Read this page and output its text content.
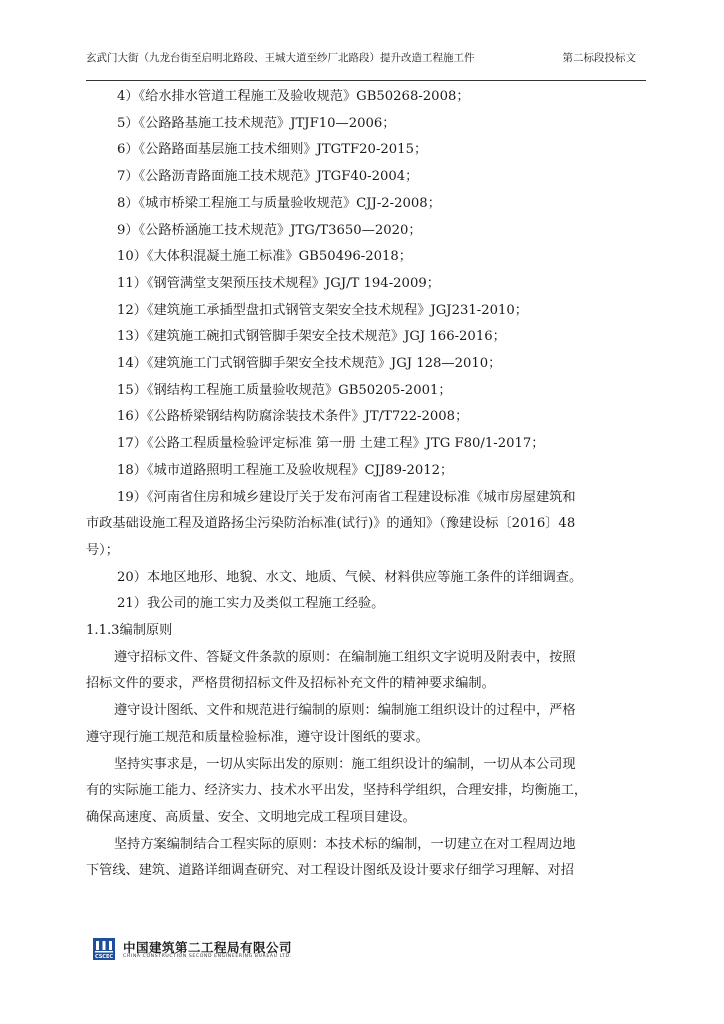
玄武门大街（九龙台街至启明北路段、王城大道至纱厂北路段）提升改造工程施工件	第二标段投标文
4）《给水排水管道工程施工及验收规范》GB50268-2008；
5）《公路路基施工技术规范》JTJF10—2006；
6）《公路路面基层施工技术细则》JTGTF20-2015；
7）《公路沥青路面施工技术规范》JTGF40-2004；
8）《城市桥梁工程施工与质量验收规范》CJJ-2-2008；
9）《公路桥涵施工技术规范》JTG/T3650—2020；
10）《大体积混凝土施工标准》GB50496-2018；
11）《钢管满堂支架预压技术规程》JGJ/T 194-2009；
12）《建筑施工承插型盘扣式钢管支架安全技术规程》JGJ231-2010；
13）《建筑施工碗扣式钢管脚手架安全技术规范》JGJ 166-2016；
14）《建筑施工门式钢管脚手架安全技术规范》JGJ 128—2010；
15）《钢结构工程施工质量验收规范》GB50205-2001；
16）《公路桥梁钢结构防腐涂装技术条件》JT/T722-2008；
17）《公路工程质量检验评定标准 第一册 土建工程》JTG F80/1-2017；
18）《城市道路照明工程施工及验收规程》CJJ89-2012；
19）《河南省住房和城乡建设厅关于发布河南省工程建设标准《城市房屋建筑和
市政基础设施工程及道路扬尘污染防治标准(试行)》的通知》（豫建设标〔2016〕48
号）；
20）本地区地形、地貌、水文、地质、气候、材料供应等施工条件的详细调查。
21）我公司的施工实力及类似工程施工经验。
1.1.3编制原则
遵守招标文件、答疑文件条款的原则：在编制施工组织文字说明及附表中，按照
招标文件的要求，严格贯彻招标文件及招标补充文件的精神要求编制。
遵守设计图纸、文件和规范进行编制的原则：编制施工组织设计的过程中，严格
遵守现行施工规范和质量检验标准，遵守设计图纸的要求。
坚持实事求是，一切从实际出发的原则：施工组织设计的编制，一切从本公司现
有的实际施工能力、经济实力、技术水平出发，坚持科学组织，合理安排，均衡施工，
确保高速度、高质量、安全、文明地完成工程项目建设。
坚持方案编制结合工程实际的原则：本技术标的编制，一切建立在对工程周边地
下管线、建筑、道路详细调查研究、对工程设计图纸及设计要求仔细学习理解、对招
CSCEC
中国建筑第二工程局有限公司
CHINA CONSTRUCTION SECOND ENGINEERING BUREAU LTD.
